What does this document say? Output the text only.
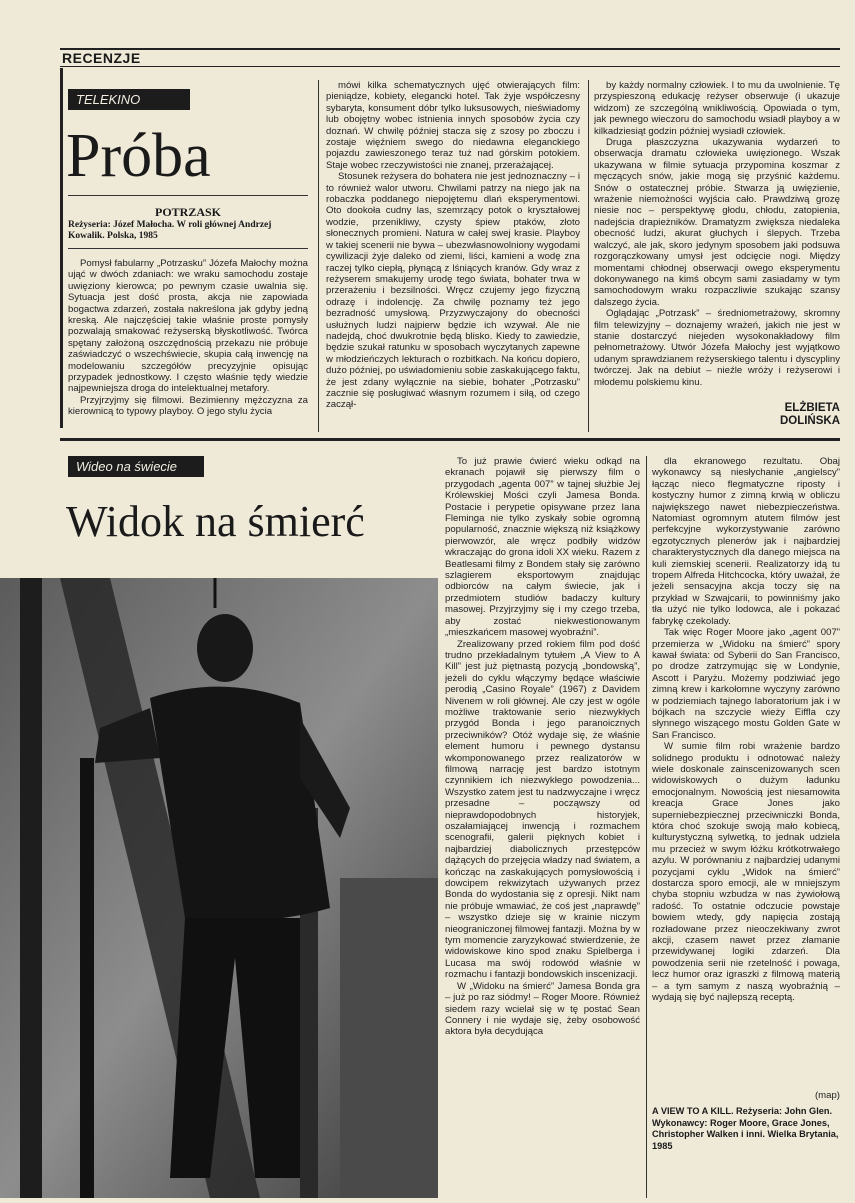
RECENZJE
TELEKINO
Próba
POTRZASK
Reżyseria: Józef Małocha. W roli głównej Andrzej Kowalik. Polska, 1985

Pomysł fabularny „Potrzasku” Józefa Małochy można ująć w dwóch zdaniach: we wraku samochodu zostaje uwięziony kierowca; po pewnym czasie uwalnia się. Sytuacja jest dość prosta, akcja nie zapowiada bogactwa zdarzeń, została nakreślona jak gdyby jedną kreską. Ale najczęściej takie właśnie proste pomysły pozwalają smakować reżyserską błyskotliwość. Twórca spętany założoną oszczędnością przekazu nie próbuje zaświadczyć o wszechświecie, skupia całą inwencję na modelowaniu szczegółów precyzyjnie opisując przypadek jednostkowy. I często właśnie tędy wiedzie najpewniejsza droga do intelektualnej metafory.

Przyjrzyjmy się filmowi. Bezimienny mężczyzna za kierownicą to typowy playboy. O jego stylu życia

mówi kilka schematycznych ujęć otwierających film: pieniądze, kobiety, elegancki hotel. Tak żyje współczesny sybaryta, konsument dóbr tylko luksusowych, nieświadomy lub obojętny wobec istnienia innych sposobów życia czy doznań. W chwilę później stacza się z szosy po zboczu i zostaje więźniem swego do niedawna eleganckiego pojazdu zawieszonego teraz tuż nad górskim potokiem. Staje wobec rzeczywistości nie znanej, przerażającej.

Stosunek reżysera do bohatera nie jest jednoznaczny – i to również walor utworu. Chwilami patrzy na niego jak na robaczka poddanego niepojętemu dlań eksperymentowi. Oto dookoła cudny las, szemrzący potok o kryształowej wodzie, przenikliwy, czysty śpiew ptaków, złoto słonecznych promieni. Natura w całej swej krasie. Playboy w takiej scenerii nie bywa – ubezwłasnowolniony wygodami cywilizacji żyje daleko od ziemi, liści, kamieni a wodę zna raczej tylko ciepłą, płynącą z lśniących kranów. Gdy wraz z reżyserem smakujemy urodę tego świata, bohater trwa w przerażeniu i bezsilności. Wręcz czujemy jego fizyczną odrazę i indolencję. Za chwilę poznamy też jego bezradność umysłową. Przyzwyczajony do obecności usłużnych ludzi najpierw będzie ich wzywał. Ale nie nadejdą, choć dwukrotnie będą blisko. Kiedy to zawiedzie, będzie szukał ratunku w sposobach wyczytanych zapewne w młodzieńczych lekturach o rozbitkach. Na końcu dopiero, dużo później, po uświadomieniu sobie zaskakującego faktu, że jest zdany wyłącznie na siebie, bohater „Potrzasku” zacznie się posługiwać własnym rozumem i siłą, od czego zaczął-

by każdy normalny człowiek. I to mu da uwolnienie. Tę przyspieszoną edukację reżyser obserwuje (i ukazuje widzom) ze szczególną wnikliwością. Opowiada o tym, jak pewnego wieczoru do samochodu wsiadł playboy a w kilkadziesiąt godzin później wysiadł człowiek.

Druga płaszczyzna ukazywania wydarzeń to obserwacja dramatu człowieka uwięzionego. Wszak ukazywana w filmie sytuacja przypomina koszmar z męczących snów, jakie mogą się przyśnić każdemu. Snów o ostatecznej próbie. Stwarza ją uwięzienie, wrażenie niemożności wyjścia cało. Prawdziwą grozę niesie noc – perspektywę głodu, chłodu, zatopienia, nadejścia drapieżników. Dramatyzm zwiększa niedaleka obecność ludzi, akurat głuchych i ślepych. Trzeba walczyć, ale jak, skoro jedynym sposobem jaki podsuwa rozgorączkowany umysł jest odcięcie nogi. Między momentami chłodnej obserwacji owego eksperymentu dokonywanego na kimś obcym sami zasiadamy w tym samochodowym wraku rozpaczliwie szukając szansy dalszego życia.

Oglądając „Potrzask” – średniometrażowy, skromny film telewizyjny – doznajemy wrażeń, jakich nie jest w stanie dostarczyć niejeden wysokonakładowy film pełnometrażowy. Utwór Józefa Małochy jest wyjątkowo udanym sprawdzianem reżyserskiego talentu i dyscypliny twórczej. Jak na debiut – nieźle wróży i reżyserowi i młodemu polskiemu kinu.

ELŻBIETA
DOLIŃSKA
Wideo na świecie
Widok na śmierć

To już prawie ćwierć wieku odkąd na ekranach pojawił się pierwszy film o przygodach „agenta 007” w tajnej służbie Jej Królewskiej Mości czyli Jamesa Bonda. Postacie i perypetie opisywane przez Iana Fleminga nie tylko zyskały sobie ogromną popularność, znacznie większą niż książkowy pierwowzór, ale wręcz podbiły widzów wkraczając do grona idoli XX wieku. Razem z Beatlesami filmy z Bondem stały się zarówno szlagierem eksportowym znajdując odbiorców na całym świecie, jak i przedmiotem studiów badaczy kultury masowej. Przyjrzyjmy się i my czego trzeba, aby zostać niekwestionowanym „mieszkańcem masowej wyobraźni”.

Zrealizowany przed rokiem film pod dość trudno przekładalnym tytułem „A View to A Kill” jest już piętnastą pozycją „bondowską”, jeżeli do cyklu włączymy będące właściwie perodią „Casino Royale” (1967) z Davidem Nivenem w roli głównej. Ale czy jest w ogóle możliwe traktowanie serio niezwykłych przygód Bonda i jego paranoicznych przeciwników? Otóż wydaje się, że właśnie element humoru i pewnego dystansu wkomponowanego przez realizatorów w filmową narrację jest bardzo istotnym czynnikiem ich niezwykłego powodzenia... Wszystko zatem jest tu nadzwyczajne i wręcz przesadne – począwszy od nieprawdopodobnych historyjek, oszałamiającej inwencją i rozmachem scenografii, galerii pięknych kobiet i najbardziej diabolicznych przestępców dążących do przejęcia władzy nad światem, a kończąc na zaskakujących pomysłowością i dowcipem rekwizytach używanych przez Bonda do wydostania się z opresji. Nikt nam nie próbuje wmawiać, że coś jest „naprawdę” – wszystko dzieje się w krainie niczym nieograniczonej filmowej fantazji. Można by w tym momencie zaryzykować stwierdzenie, że widowiskowe kino spod znaku Spielberga i Lucasa ma swój rodowód właśnie w rozmachu i fantazji bondowskich inscenizacji.

W „Widoku na śmierć” Jamesa Bonda gra – już po raz siódmy! – Roger Moore. Również siedem razy wcielał się w tę postać Sean Connery i nie wydaje się, żeby osobowość aktora była decydująca

dla ekranowego rezultatu. Obaj wykonawcy są niesłychanie „angielscy” łącząc nieco flegmatyczne riposty i kostyczny humor z zimną krwią w obliczu największego nawet niebezpieczeństwa. Natomiast ogromnym atutem filmów jest perfekcyjne wykorzystywanie zarówno egzotycznych plenerów jak i najbardziej charakterystycznych dla danego miejsca na kuli ziemskiej scenerii. Realizatorzy idą tu tropem Alfreda Hitchcocka, który uważał, że jeżeli sensacyjna akcja toczy się na przykład w Szwajcarii, to powinniśmy jako tła użyć nie tylko lodowca, ale i pokazać fabrykę czekolady.

Tak więc Roger Moore jako „agent 007” przemierza w „Widoku na śmierć” spory kawał świata: od Syberii do San Francisco, po drodze zatrzymując się w Londynie, Ascott i Paryżu. Możemy podziwiać jego zimną krew i karkołomne wyczyny zarówno w podziemiach tajnego laboratorium jak i w bójkach na szczycie wieży Eiffla czy słynnego wiszącego mostu Golden Gate w San Francisco.

W sumie film robi wrażenie bardzo solidnego produktu i odnotować należy wiele doskonale zainscenizowanych scen widowiskowych o dużym ładunku emocjonalnym. Nowością jest niesamowita kreacja Grace Jones jako superniebezpiecznej przeciwniczki Bonda, która choć szokuje swoją mało kobiecą, kulturystyczną sylwetką, to jednak udziela mu przecież w swym łóżku krótkotrwałego azylu. W porównaniu z najbardziej udanymi pozycjami cyklu „Widok na śmierć” dostarcza sporo emocji, ale w mniejszym chyba stopniu wzbudza w nas żywiołową radość. To ostatnie odczucie powstaje bowiem wtedy, gdy napięcia zostają rozładowane przez nieoczekiwany zwrot akcji, czasem nawet przez złamanie przewidywanej logiki zdarzeń. Dla powodzenia serii nie rzetelność i powaga, lecz humor oraz igraszki z filmową materią – a tym samym z naszą wyobraźnią – wydają się być najlepszą receptą.

(map)
A VIEW TO A KILL. Reżyseria: John Glen. Wykonawcy: Roger Moore, Grace Jones, Christopher Walken i inni. Wielka Brytania, 1985
